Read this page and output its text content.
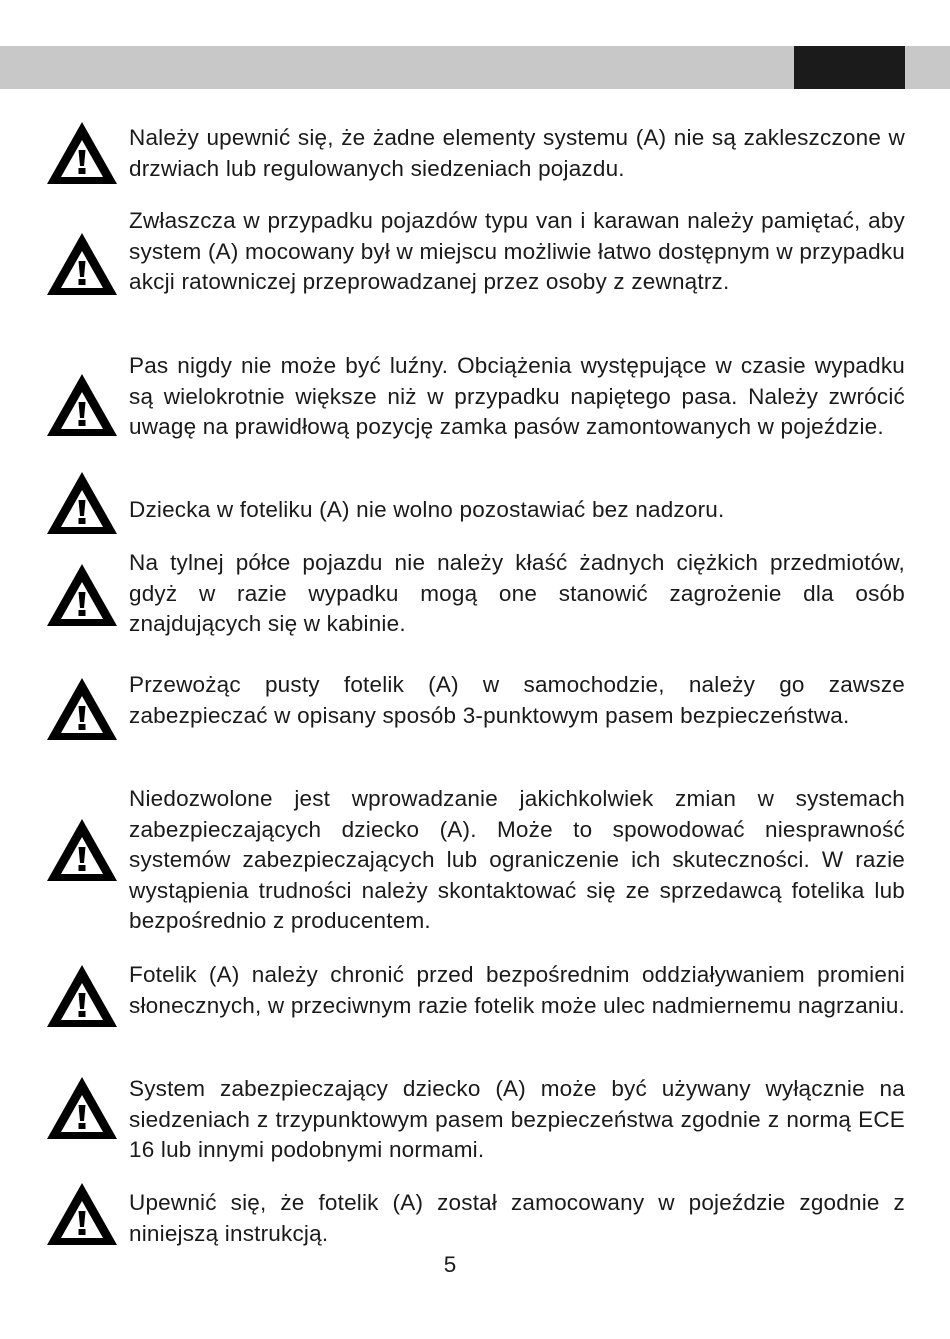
Należy upewnić się, że żadne elementy systemu (A) nie są zakleszczone w drzwiach lub regulowanych siedzeniach pojazdu.
Zwłaszcza w przypadku pojazdów typu van i karawan należy pamiętać, aby system (A) mocowany był w miejscu możliwie łatwo dostępnym w przypadku akcji ratowniczej przeprowadzanej przez osoby z zewnątrz.
Pas nigdy nie może być luźny. Obciążenia występujące w czasie wypadku są wielokrotnie większe niż w przypadku napiętego pasa. Należy zwrócić uwagę na prawidłową pozycję zamka pasów zamontowanych w pojeździe.
Dziecka w foteliku (A) nie wolno pozostawiać bez nadzoru.
Na tylnej półce pojazdu nie należy kłaść żadnych ciężkich przedmiotów, gdyż w razie wypadku mogą one stanowić zagrożenie dla osób znajdujących się w kabinie.
Przewożąc pusty fotelik (A) w samochodzie, należy go zawsze zabezpieczać w opisany sposób 3-punktowym pasem bezpieczeństwa.
Niedozwolone jest wprowadzanie jakichkolwiek zmian w systemach zabezpieczających dziecko (A). Może to spowodować niesprawność systemów zabezpieczających lub ograniczenie ich skuteczności. W razie wystąpienia trudności należy skontaktować się ze sprzedawcą fotelika lub bezpośrednio z producentem.
Fotelik (A) należy chronić przed bezpośrednim oddziaływaniem promieni słonecznych, w przeciwnym razie fotelik może ulec nadmiernemu nagrzaniu.
System zabezpieczający dziecko (A) może być używany wyłącznie na siedzeniach z trzypunktowym pasem bezpieczeństwa zgodnie z normą ECE 16 lub innymi podobnymi normami.
Upewnić się, że fotelik (A) został zamocowany w pojeździe zgodnie z niniejszą instrukcją.
5
